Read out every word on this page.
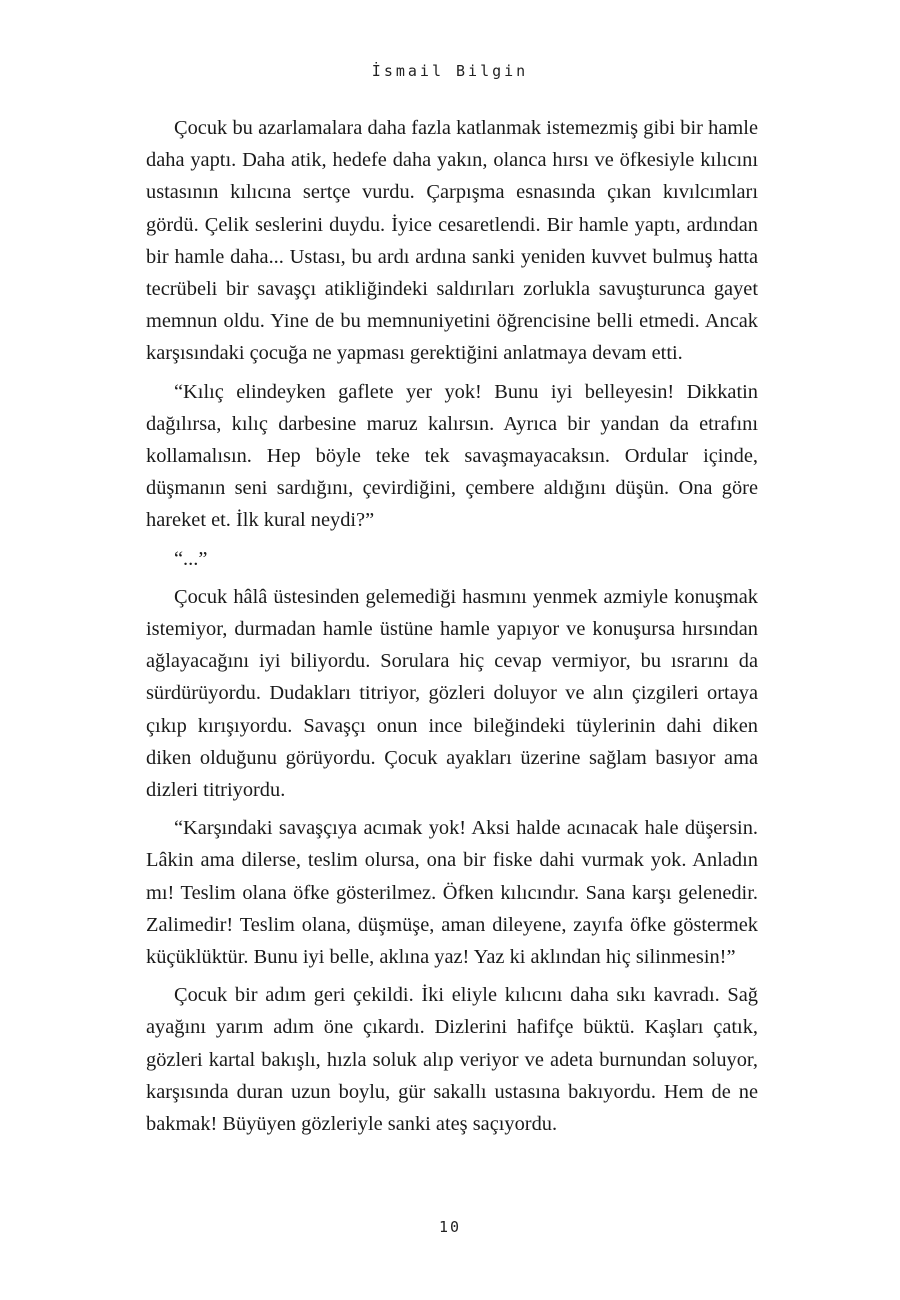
İsmail Bilgin

Çocuk bu azarlamalara daha fazla katlanmak istemezmiş gibi bir hamle daha yaptı. Daha atik, hedefe daha yakın, olanca hırsı ve öfkesiyle kılıcını ustasının kılıcına sertçe vurdu. Çarpışma esnasında çıkan kıvılcımları gördü. Çelik seslerini duydu. İyice cesaretlendi. Bir hamle yaptı, ardından bir hamle daha... Ustası, bu ardı ardına sanki yeniden kuvvet bulmuş hatta tecrübeli bir savaşçı atikliğindeki saldırıları zorlukla savuşturunca gayet memnun oldu. Yine de bu memnuniyetini öğrencisine belli etmedi. Ancak karşısındaki çocuğa ne yapması gerektiğini anlatmaya devam etti.

“Kılıç elindeyken gaflete yer yok! Bunu iyi belleyesin! Dikkatin dağılırsa, kılıç darbesine maruz kalırsın. Ayrıca bir yandan da etrafını kollamalısın. Hep böyle teke tek savaşmayacaksın. Ordular içinde, düşmanın seni sardığını, çevirdiğini, çembere aldığını düşün. Ona göre hareket et. İlk kural neydi?”

“...”

Çocuk hâlâ üstesinden gelemediği hasmını yenmek azmiyle konuşmak istemiyor, durmadan hamle üstüne hamle yapıyor ve konuşursa hırsından ağlayacağını iyi biliyordu. Sorulara hiç cevap vermiyor, bu ısrarını da sürdürüyordu. Dudakları titriyor, gözleri doluyor ve alın çizgileri ortaya çıkıp kırışıyordu. Savaşçı onun ince bileğindeki tüylerinin dahi diken diken olduğunu görüyordu. Çocuk ayakları üzerine sağlam basıyor ama dizleri titriyordu.

“Karşındaki savaşçıya acımak yok! Aksi halde acınacak hale düşersin. Lâkin ama dilerse, teslim olursa, ona bir fiske dahi vurmak yok. Anladın mı! Teslim olana öfke gösterilmez. Öfken kılıcındır. Sana karşı gelenedir. Zalimedir! Teslim olana, düşmüşe, aman dileyene, zayıfa öfke göstermek küçüklüktür. Bunu iyi belle, aklına yaz! Yaz ki aklından hiç silinmesin!”

Çocuk bir adım geri çekildi. İki eliyle kılıcını daha sıkı kavradı. Sağ ayağını yarım adım öne çıkardı. Dizlerini hafifçe büktü. Kaşları çatık, gözleri kartal bakışlı, hızla soluk alıp veriyor ve adeta burnundan soluyor, karşısında duran uzun boylu, gür sakallı ustasına bakıyordu. Hem de ne bakmak! Büyüyen gözleriyle sanki ateş saçıyordu.

10
